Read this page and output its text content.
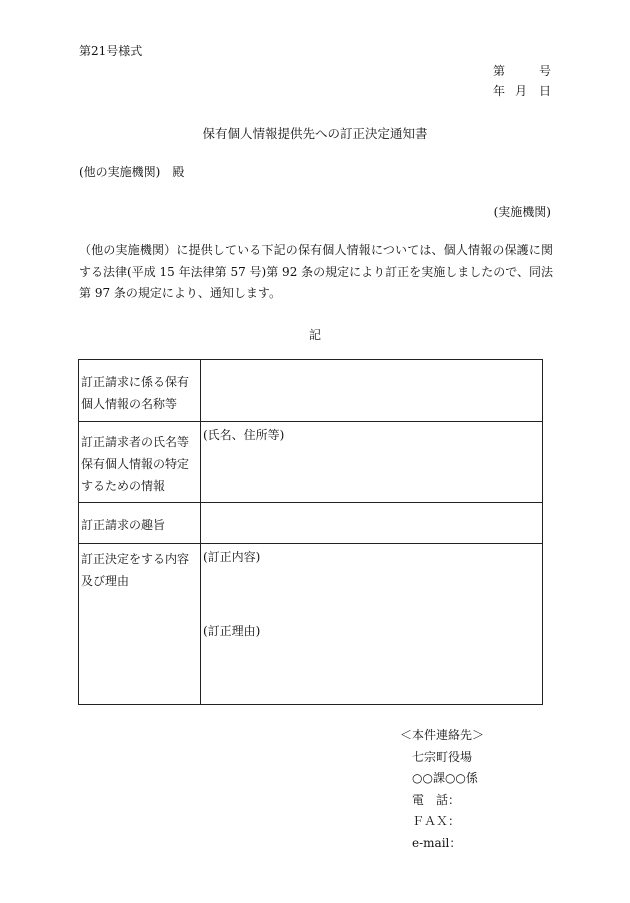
第21号様式
第	号
年 月 日
保有個人情報提供先への訂正決定通知書
(他の実施機関)　殿
(実施機関)
（他の実施機関）に提供している下記の保有個人情報については、個人情報の保護に関する法律(平成 15 年法律第 57 号)第 92 条の規定により訂正を実施しましたので、同法第 97 条の規定により、通知します。
記
訂正請求に係る保有個人情報の名称等	
訂正請求者の氏名等保有個人情報の特定するための情報	(氏名、住所等)
訂正請求の趣旨	
訂正決定をする内容及び理由	(訂正内容)
(訂正理由)
＜本件連絡先＞
七宗町役場
○○課○○係
電　話：
ＦＡＸ：
e-mail：
